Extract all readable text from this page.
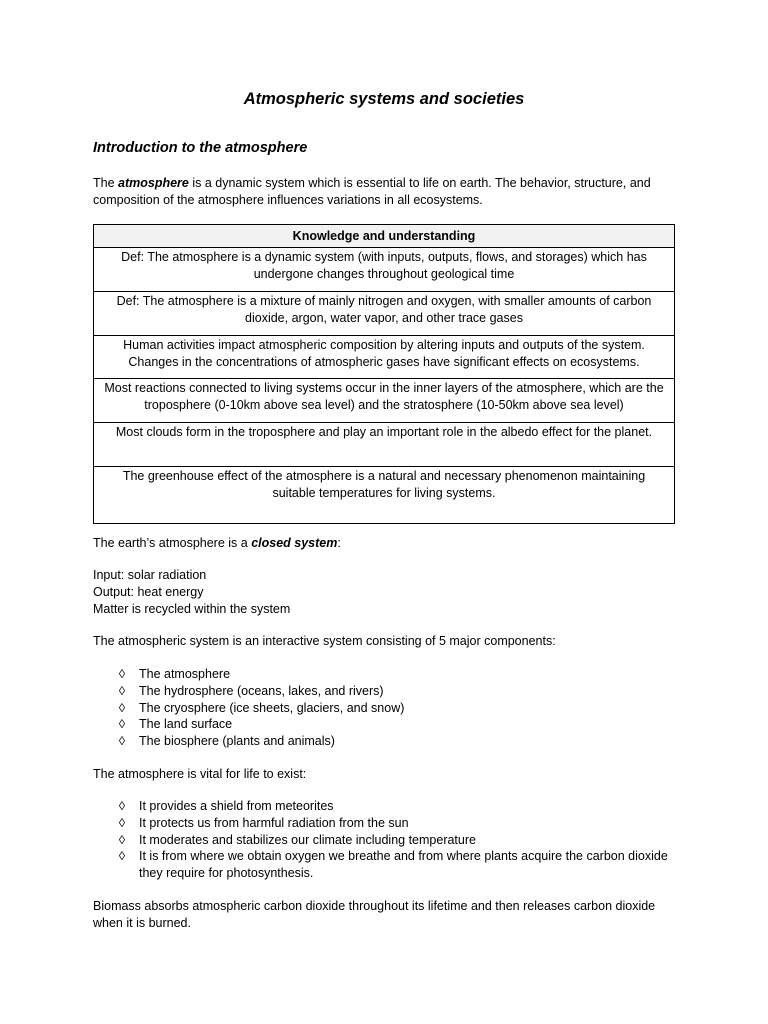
Atmospheric systems and societies
Introduction to the atmosphere

The atmosphere is a dynamic system which is essential to life on earth. The behavior, structure, and composition of the atmosphere influences variations in all ecosystems.

Knowledge and understanding
Def: The atmosphere is a dynamic system (with inputs, outputs, flows, and storages) which has undergone changes throughout geological time
Def: The atmosphere is a mixture of mainly nitrogen and oxygen, with smaller amounts of carbon dioxide, argon, water vapor, and other trace gases
Human activities impact atmospheric composition by altering inputs and outputs of the system. Changes in the concentrations of atmospheric gases have significant effects on ecosystems.
Most reactions connected to living systems occur in the inner layers of the atmosphere, which are the troposphere (0-10km above sea level) and the stratosphere (10-50km above sea level)
Most clouds form in the troposphere and play an important role in the albedo effect for the planet.
The greenhouse effect of the atmosphere is a natural and necessary phenomenon maintaining suitable temperatures for living systems.

The earth’s atmosphere is a closed system:

Input: solar radiation

Output: heat energy

Matter is recycled within the system

The atmospheric system is an interactive system consisting of 5 major components:

◊	The atmosphere
◊	The hydrosphere (oceans, lakes, and rivers)
◊	The cryosphere (ice sheets, glaciers, and snow)
◊	The land surface
◊	The biosphere (plants and animals)

The atmosphere is vital for life to exist:

◊	It provides a shield from meteorites
◊	It protects us from harmful radiation from the sun
◊	It moderates and stabilizes our climate including temperature
◊	It is from where we obtain oxygen we breathe and from where plants acquire the carbon dioxide they require for photosynthesis.

Biomass absorbs atmospheric carbon dioxide throughout its lifetime and then releases carbon dioxide when it is burned.
